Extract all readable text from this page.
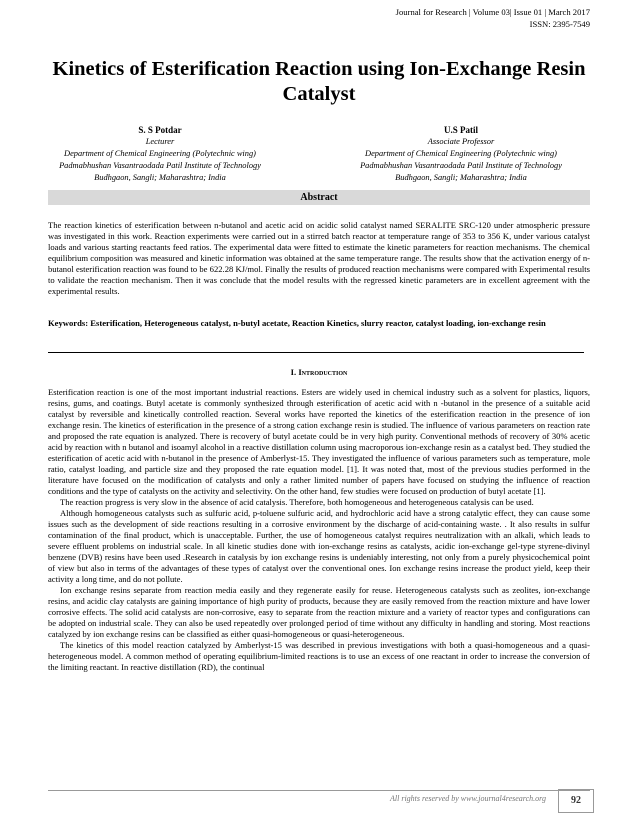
Journal for Research | Volume 03| Issue 01 | March 2017
ISSN: 2395-7549
Kinetics of Esterification Reaction using Ion-Exchange Resin Catalyst
S. S Potdar
Lecturer
Department of Chemical Engineering (Polytechnic wing)
Padmabhushan Vasantraodada Patil Institute of Technology
Budhgaon, Sangli; Maharashtra; India
U.S Patil
Associate Professor
Department of Chemical Engineering (Polytechnic wing)
Padmabhushan Vasantraodada Patil Institute of Technology
Budhgaon, Sangli; Maharashtra; India
Abstract
The reaction kinetics of esterification between n-butanol and acetic acid on acidic solid catalyst named SERALITE SRC-120 under atmospheric pressure was investigated in this work. Reaction experiments were carried out in a stirred batch reactor at temperature range of 353 to 356 K, under various catalyst loads and various starting reactants feed ratios. The experimental data were fitted to estimate the kinetic parameters for reaction mechanisms. The chemical equilibrium composition was measured and kinetic information was obtained at the same temperature range. The results show that the activation energy of n-butanol esterification reaction was found to be 622.28 KJ/mol. Finally the results of produced reaction mechanisms were compared with Experimental results to validate the reaction mechanism. Then it was conclude that the model results with the regressed kinetic parameters are in excellent agreement with the experimental results.
Keywords: Esterification, Heterogeneous catalyst, n-butyl acetate, Reaction Kinetics, slurry reactor, catalyst loading, ion-exchange resin
I. Introduction

Esterification reaction is one of the most important industrial reactions. Esters are widely used in chemical industry such as a solvent for plastics, liquors, resins, gums, and coatings. Butyl acetate is commonly synthesized through esterification of acetic acid with n -butanol in the presence of a suitable acid catalyst by reversible and kinetically controlled reaction. Several works have reported the kinetics of the esterification reaction in the presence of ion exchange resin. The kinetics of esterification in the presence of a strong cation exchange resin is studied. The influence of various parameters on reaction rate and proposed the rate equation is analyzed. There is recovery of butyl acetate could be in very high purity. Conventional methods of recovery of 30% acetic acid by reaction with n butanol and isoamyl alcohol in a reactive distillation column using macroporous ion-exchange resin as a catalyst bed. They studied the esterification of acetic acid with n-butanol in the presence of Amberlyst-15. They investigated the influence of various parameters such as temperature, mole ratio, catalyst loading, and particle size and they proposed the rate equation model. [1]. It was noted that, most of the previous studies performed in the literature have focused on the modification of catalysts and only a rather limited number of papers have focused on studying the influence of reaction conditions and the type of catalysts on the activity and selectivity. On the other hand, few studies were focused on production of butyl acetate [1].

The reaction progress is very slow in the absence of acid catalysis. Therefore, both homogeneous and heterogeneous catalysis can be used.

Although homogeneous catalysts such as sulfuric acid, p-toluene sulfuric acid, and hydrochloric acid have a strong catalytic effect, they can cause some issues such as the development of side reactions resulting in a corrosive environment by the discharge of acid-containing waste. . It also results in sulfur contamination of the final product, which is unacceptable. Further, the use of homogeneous catalyst requires neutralization with an alkali, which leads to severe effluent problems on industrial scale. In all kinetic studies done with ion-exchange resins as catalysts, acidic ion-exchange gel-type styrene-divinyl benzene (DVB) resins have been used .Research in catalysis by ion exchange resins is undeniably interesting, not only from a purely physicochemical point of view but also in terms of the advantages of these types of catalyst over the conventional ones. Ion exchange resins increase the product yield, keep their activity a long time, and do not pollute.

Ion exchange resins separate from reaction media easily and they regenerate easily for reuse. Heterogeneous catalysts such as zeolites, ion-exchange resins, and acidic clay catalysts are gaining importance of high purity of products, because they are easily removed from the reaction mixture and have lower corrosive effects. The solid acid catalysts are non-corrosive, easy to separate from the reaction mixture and a variety of reactor types and configurations can be adopted on industrial scale. They can also be used repeatedly over prolonged period of time without any difficulty in handling and storing. Most reactions catalyzed by ion exchange resins can be classified as either quasi-homogeneous or quasi-heterogeneous.

The kinetics of this model reaction catalyzed by Amberlyst-15 was described in previous investigations with both a quasi-homogeneous and a quasi-heterogeneous model. A common method of operating equilibrium-limited reactions is to use an excess of one reactant in order to increase the conversion of the limiting reactant. In reactive distillation (RD), the continual

All rights reserved by www.journal4research.org	92
